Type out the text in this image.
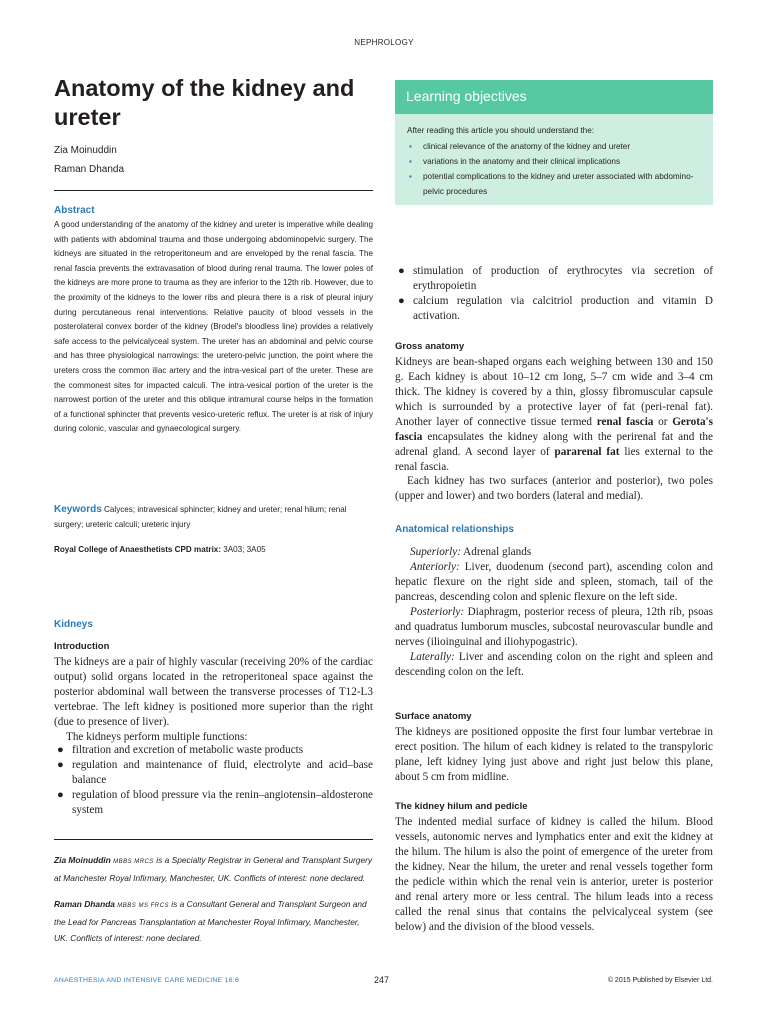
NEPHROLOGY
Anatomy of the kidney and ureter
Zia Moinuddin
Raman Dhanda
Learning objectives
After reading this article you should understand the:
▪ clinical relevance of the anatomy of the kidney and ureter
▪ variations in the anatomy and their clinical implications
▪ potential complications to the kidney and ureter associated with abdomino-pelvic procedures
Abstract
A good understanding of the anatomy of the kidney and ureter is imperative while dealing with patients with abdominal trauma and those undergoing abdominopelvic surgery. The kidneys are situated in the retroperitoneum and are enveloped by the renal fascia. The renal fascia prevents the extravasation of blood during renal trauma. The lower poles of the kidneys are more prone to trauma as they are inferior to the 12th rib. However, due to the proximity of the kidneys to the lower ribs and pleura there is a risk of pleural injury during percutaneous renal interventions. Relative paucity of blood vessels in the posterolateral convex border of the kidney (Brodel's bloodless line) provides a relatively safe access to the pelvicalyceal system. The ureter has an abdominal and pelvic course and has three physiological narrowings: the uretero-pelvic junction, the point where the ureters cross the common iliac artery and the intra-vesical part of the ureter. These are the commonest sites for impacted calculi. The intra-vesical portion of the ureter is the narrowest portion of the ureter and this oblique intramural course helps in the formation of a functional sphincter that prevents vesico-ureteric reflux. The ureter is at risk of injury during colonic, vascular and gynaecological surgery.
Keywords Calyces; intravesical sphincter; kidney and ureter; renal hilum; renal surgery; ureteric calculi; ureteric injury
Royal College of Anaesthetists CPD matrix: 3A03; 3A05
Kidneys
Introduction
The kidneys are a pair of highly vascular (receiving 20% of the cardiac output) solid organs located in the retroperitoneal space against the posterior abdominal wall between the transverse processes of T12-L3 vertebrae. The left kidney is positioned more superior than the right (due to presence of liver).
The kidneys perform multiple functions:
● filtration and excretion of metabolic waste products
● regulation and maintenance of fluid, electrolyte and acid–base balance
● regulation of blood pressure via the renin–angiotensin–aldosterone system

Zia Moinuddin MBBS MRCS is a Specialty Registrar in General and Transplant Surgery at Manchester Royal Infirmary, Manchester, UK. Conflicts of interest: none declared.

Raman Dhanda MBBS MS FRCS is a Consultant General and Transplant Surgeon and the Lead for Pancreas Transplantation at Manchester Royal Infirmary, Manchester, UK. Conflicts of interest: none declared.

● stimulation of production of erythrocytes via secretion of erythropoietin
● calcium regulation via calcitriol production and vitamin D activation.
Gross anatomy
Kidneys are bean-shaped organs each weighing between 130 and 150 g. Each kidney is about 10–12 cm long, 5–7 cm wide and 3–4 cm thick. The kidney is covered by a thin, glossy fibromuscular capsule which is surrounded by a protective layer of fat (peri-renal fat). Another layer of connective tissue termed renal fascia or Gerota's fascia encapsulates the kidney along with the perirenal fat and the adrenal gland. A second layer of pararenal fat lies external to the renal fascia.
Each kidney has two surfaces (anterior and posterior), two poles (upper and lower) and two borders (lateral and medial).
Anatomical relationships
Superiorly: Adrenal glands
Anteriorly: Liver, duodenum (second part), ascending colon and hepatic flexure on the right side and spleen, stomach, tail of the pancreas, descending colon and splenic flexure on the left side.
Posteriorly: Diaphragm, posterior recess of pleura, 12th rib, psoas and quadratus lumborum muscles, subcostal neurovascular bundle and nerves (ilioinguinal and iliohypogastric).
Laterally: Liver and ascending colon on the right and spleen and descending colon on the left.
Surface anatomy
The kidneys are positioned opposite the first four lumbar vertebrae in erect position. The hilum of each kidney is related to the transpyloric plane, left kidney lying just above and right just below this plane, about 5 cm from midline.
The kidney hilum and pedicle
The indented medial surface of kidney is called the hilum. Blood vessels, autonomic nerves and lymphatics enter and exit the kidney at the hilum. The hilum is also the point of emergence of the ureter from the kidney. Near the hilum, the ureter and renal vessels together form the pedicle within which the renal vein is anterior, ureter is posterior and renal artery more or less central. The hilum leads into a recess called the renal sinus that contains the pelvicalyceal system (see below) and the division of the blood vessels.
ANAESTHESIA AND INTENSIVE CARE MEDICINE 16:6	247	© 2015 Published by Elsevier Ltd.
